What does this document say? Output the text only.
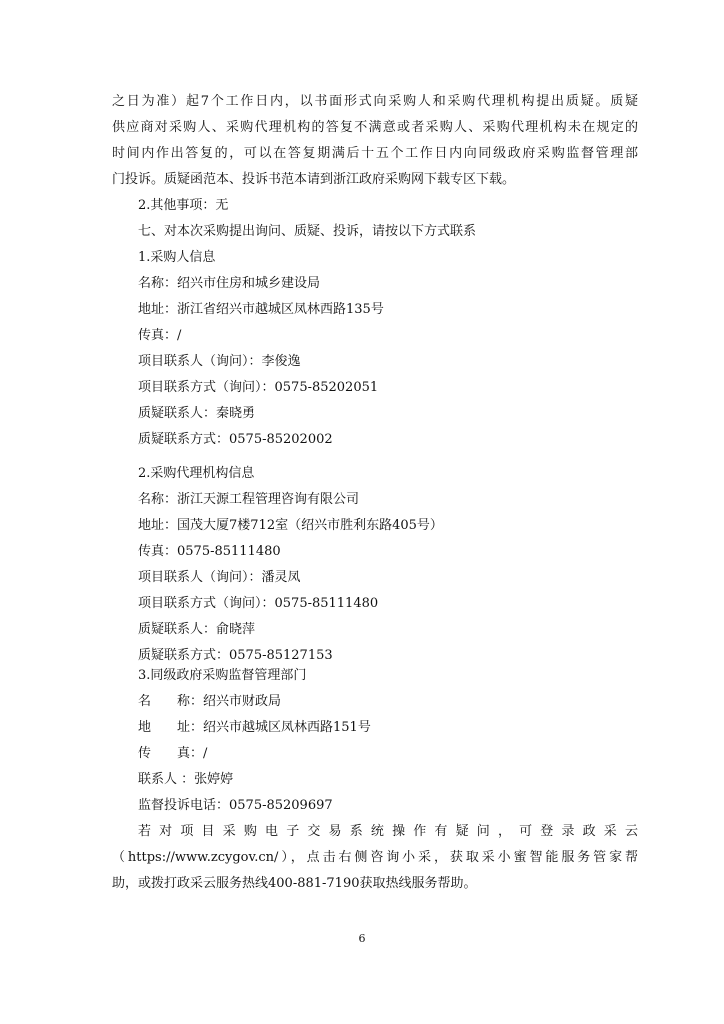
之日为准）起7个工作日内，以书面形式向采购人和采购代理机构提出质疑。质疑
供应商对采购人、采购代理机构的答复不满意或者采购人、采购代理机构未在规定的
时间内作出答复的，可以在答复期满后十五个工作日内向同级政府采购监督管理部
门投诉。质疑函范本、投诉书范本请到浙江政府采购网下载专区下载。
2.其他事项：无
七、对本次采购提出询问、质疑、投诉，请按以下方式联系
1.采购人信息
名称：绍兴市住房和城乡建设局
地址：浙江省绍兴市越城区凤林西路135号
传真：/
项目联系人（询问）：李俊逸
项目联系方式（询问）：0575-85202051
质疑联系人：秦晓勇
质疑联系方式：0575-85202002
2.采购代理机构信息
名称：浙江天源工程管理咨询有限公司
地址：国茂大厦7楼712室（绍兴市胜利东路405号）
传真：0575-85111480
项目联系人（询问）：潘灵凤
项目联系方式（询问）：0575-85111480
质疑联系人：俞晓萍
质疑联系方式：0575-85127153
3.同级政府采购监督管理部门
名　　称：绍兴市财政局
地　　址：绍兴市越城区凤林西路151号
传　　真：/
联系人 ：张婷婷
监督投诉电话：0575-85209697
若对项目采购电子交易系统操作有疑问，可登录政采云
（https://www.zcygov.cn/），点击右侧咨询小采，获取采小蜜智能服务管家帮
助，或拨打政采云服务热线400-881-7190获取热线服务帮助。
6
